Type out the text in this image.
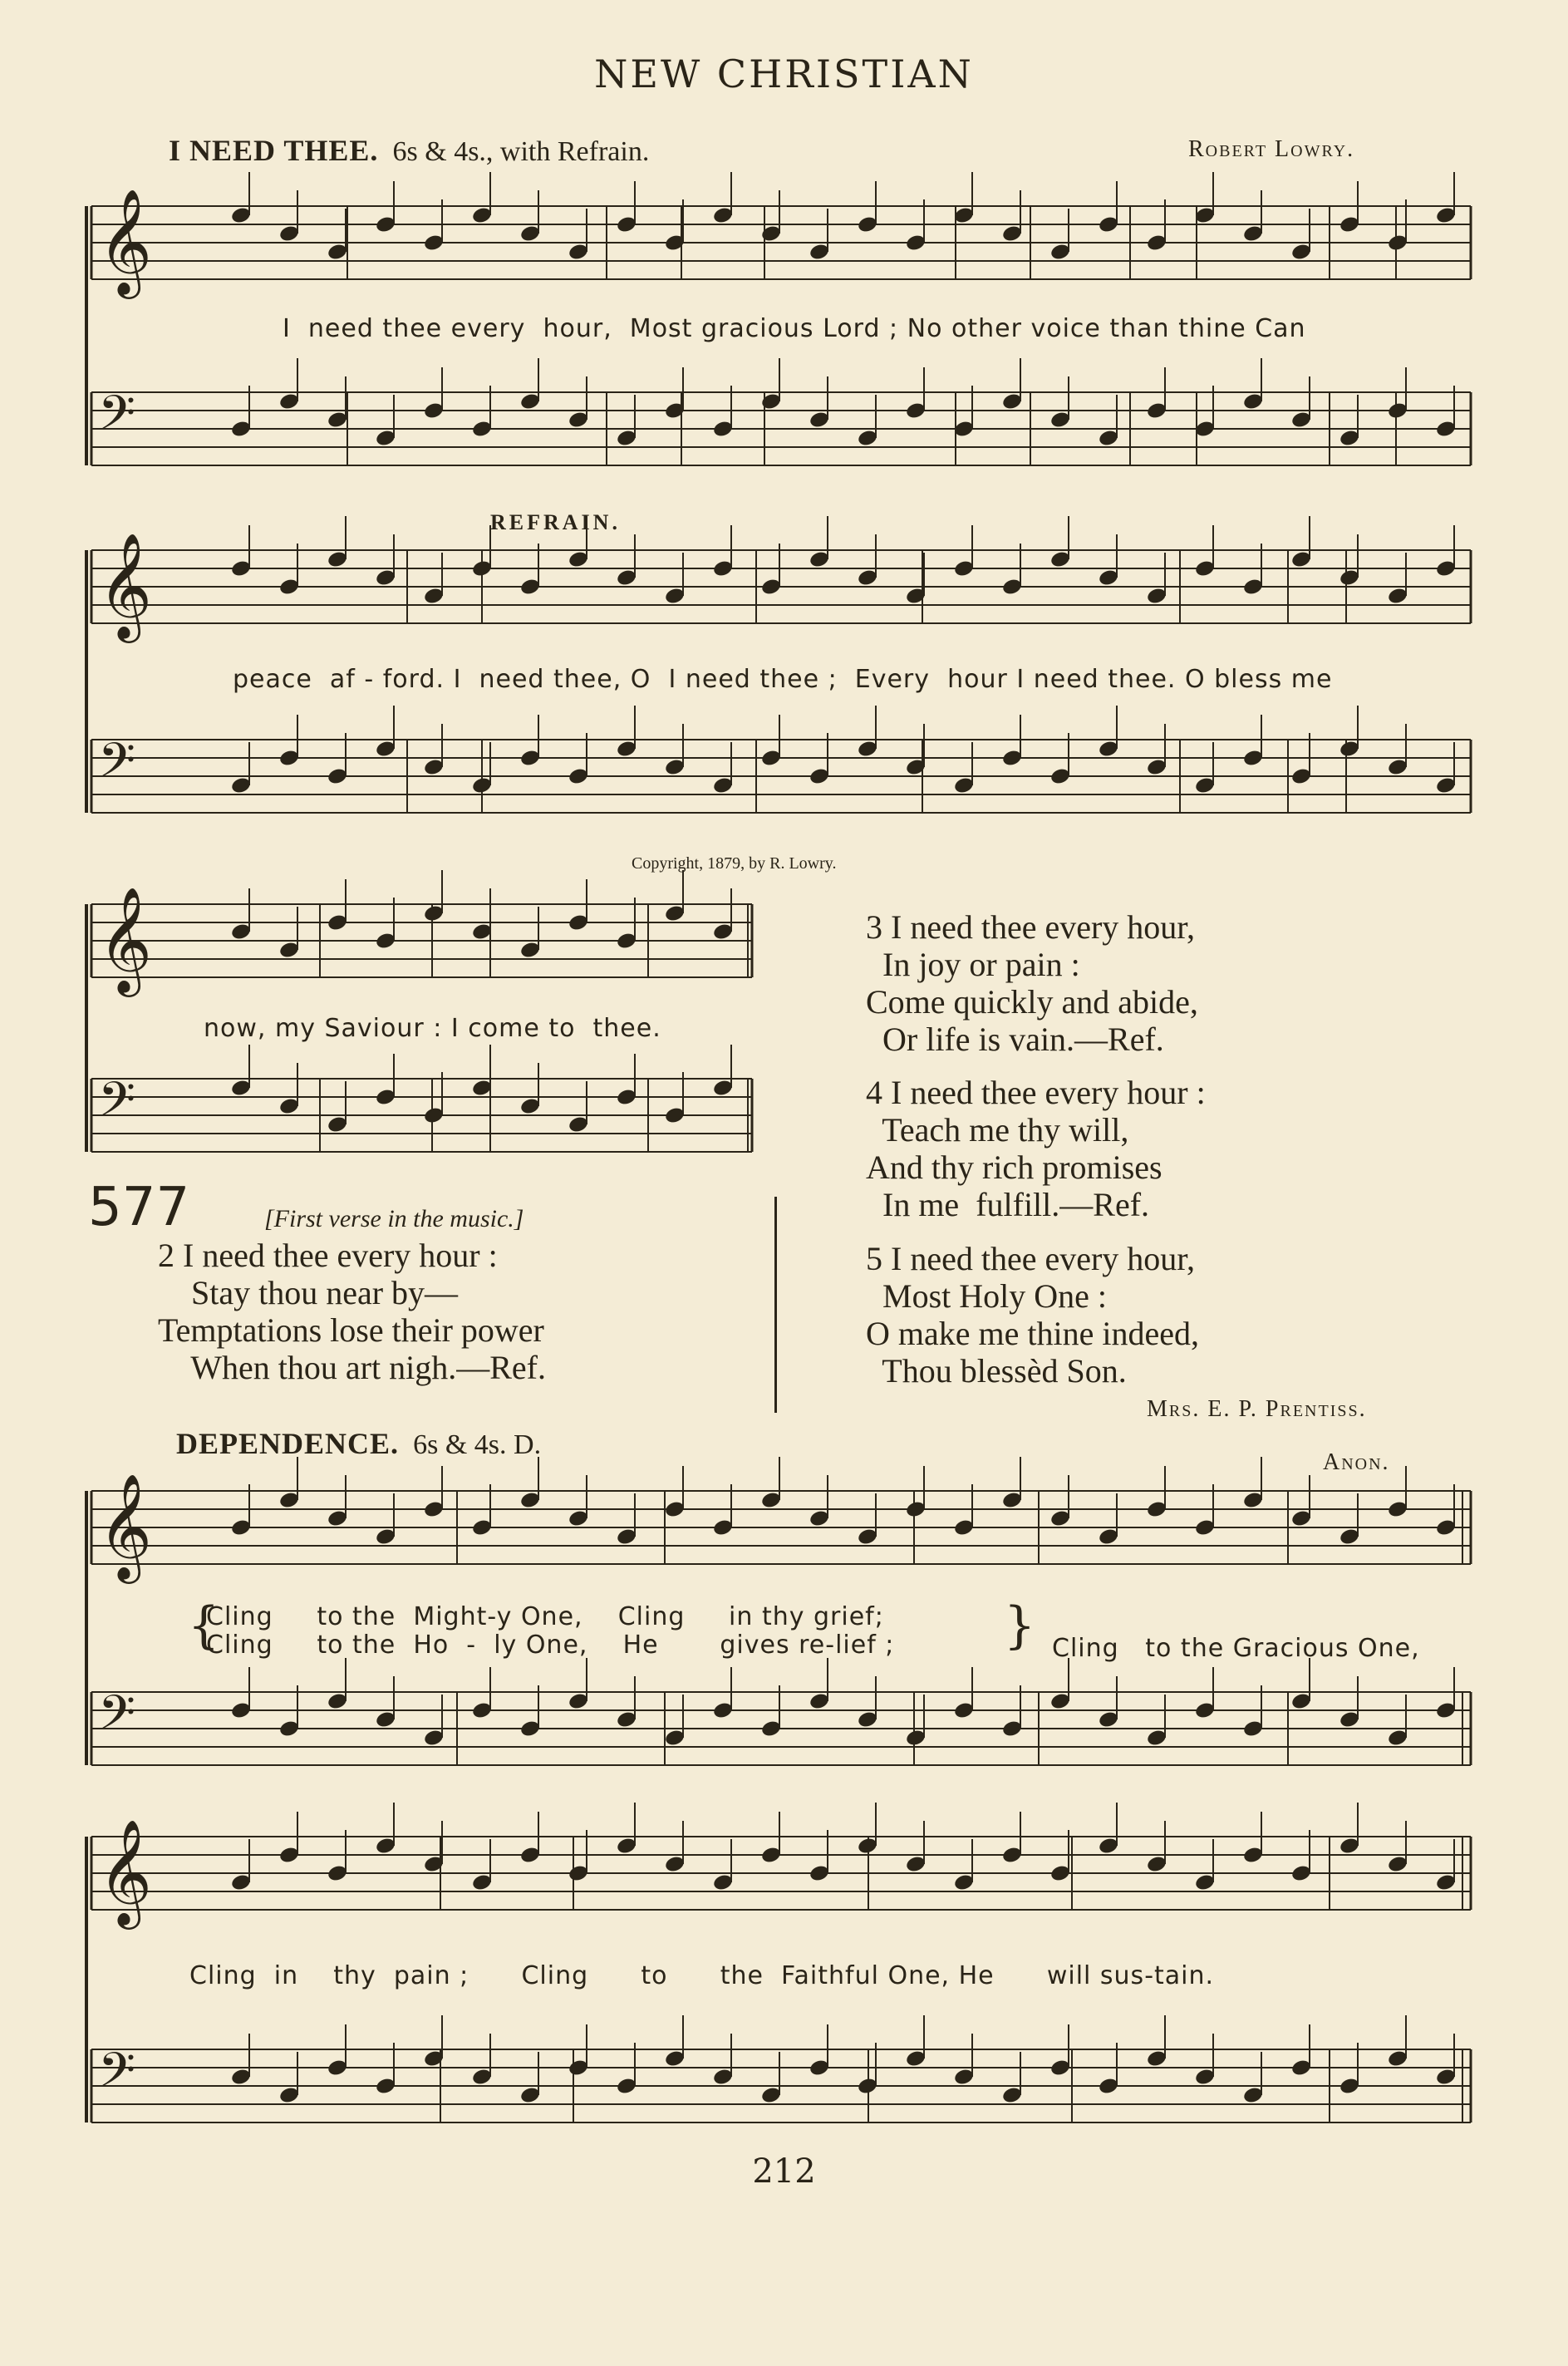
NEW CHRISTIAN
I NEED THEE. 6s & 4s., with Refrain.	Robert Lowry.
𝄞
𝄢
𝄞
𝄢
𝄞
𝄢
𝄞
𝄢
𝄞
𝄢
I  need thee every  hour,  Most gracious Lord ; No other voice than thine Can
REFRAIN.
peace  af - ford. I  need thee, O  I need thee ;  Every  hour I need thee. O bless me
Copyright, 1879, by R. Lowry.
now, my Saviour : I come to  thee.
577	[First verse in the music.]
2 I need thee every hour :
Stay thou near by—
Temptations lose their power
When thou art nigh.—Ref.
3 I need thee every hour,
In joy or pain :
Come quickly and abide,
Or life is vain.—Ref.
4 I need thee every hour :
Teach me thy will,
And thy rich promises
In me  fulfill.—Ref.
5 I need thee every hour,
Most Holy One :
O make me thine indeed,
Thou blessèd Son.
Mrs. E. P. Prentiss.
DEPENDENCE. 6s & 4s. D.
Anon.
{
Cling     to the  Might-y One,    Cling     in thy grief;
Cling     to the  Ho  -  ly One,    He       gives re-lief ; } Cling   to the Gracious One,
Cling  in    thy  pain ;      Cling      to      the  Faithful One, He      will sus-tain.
212
